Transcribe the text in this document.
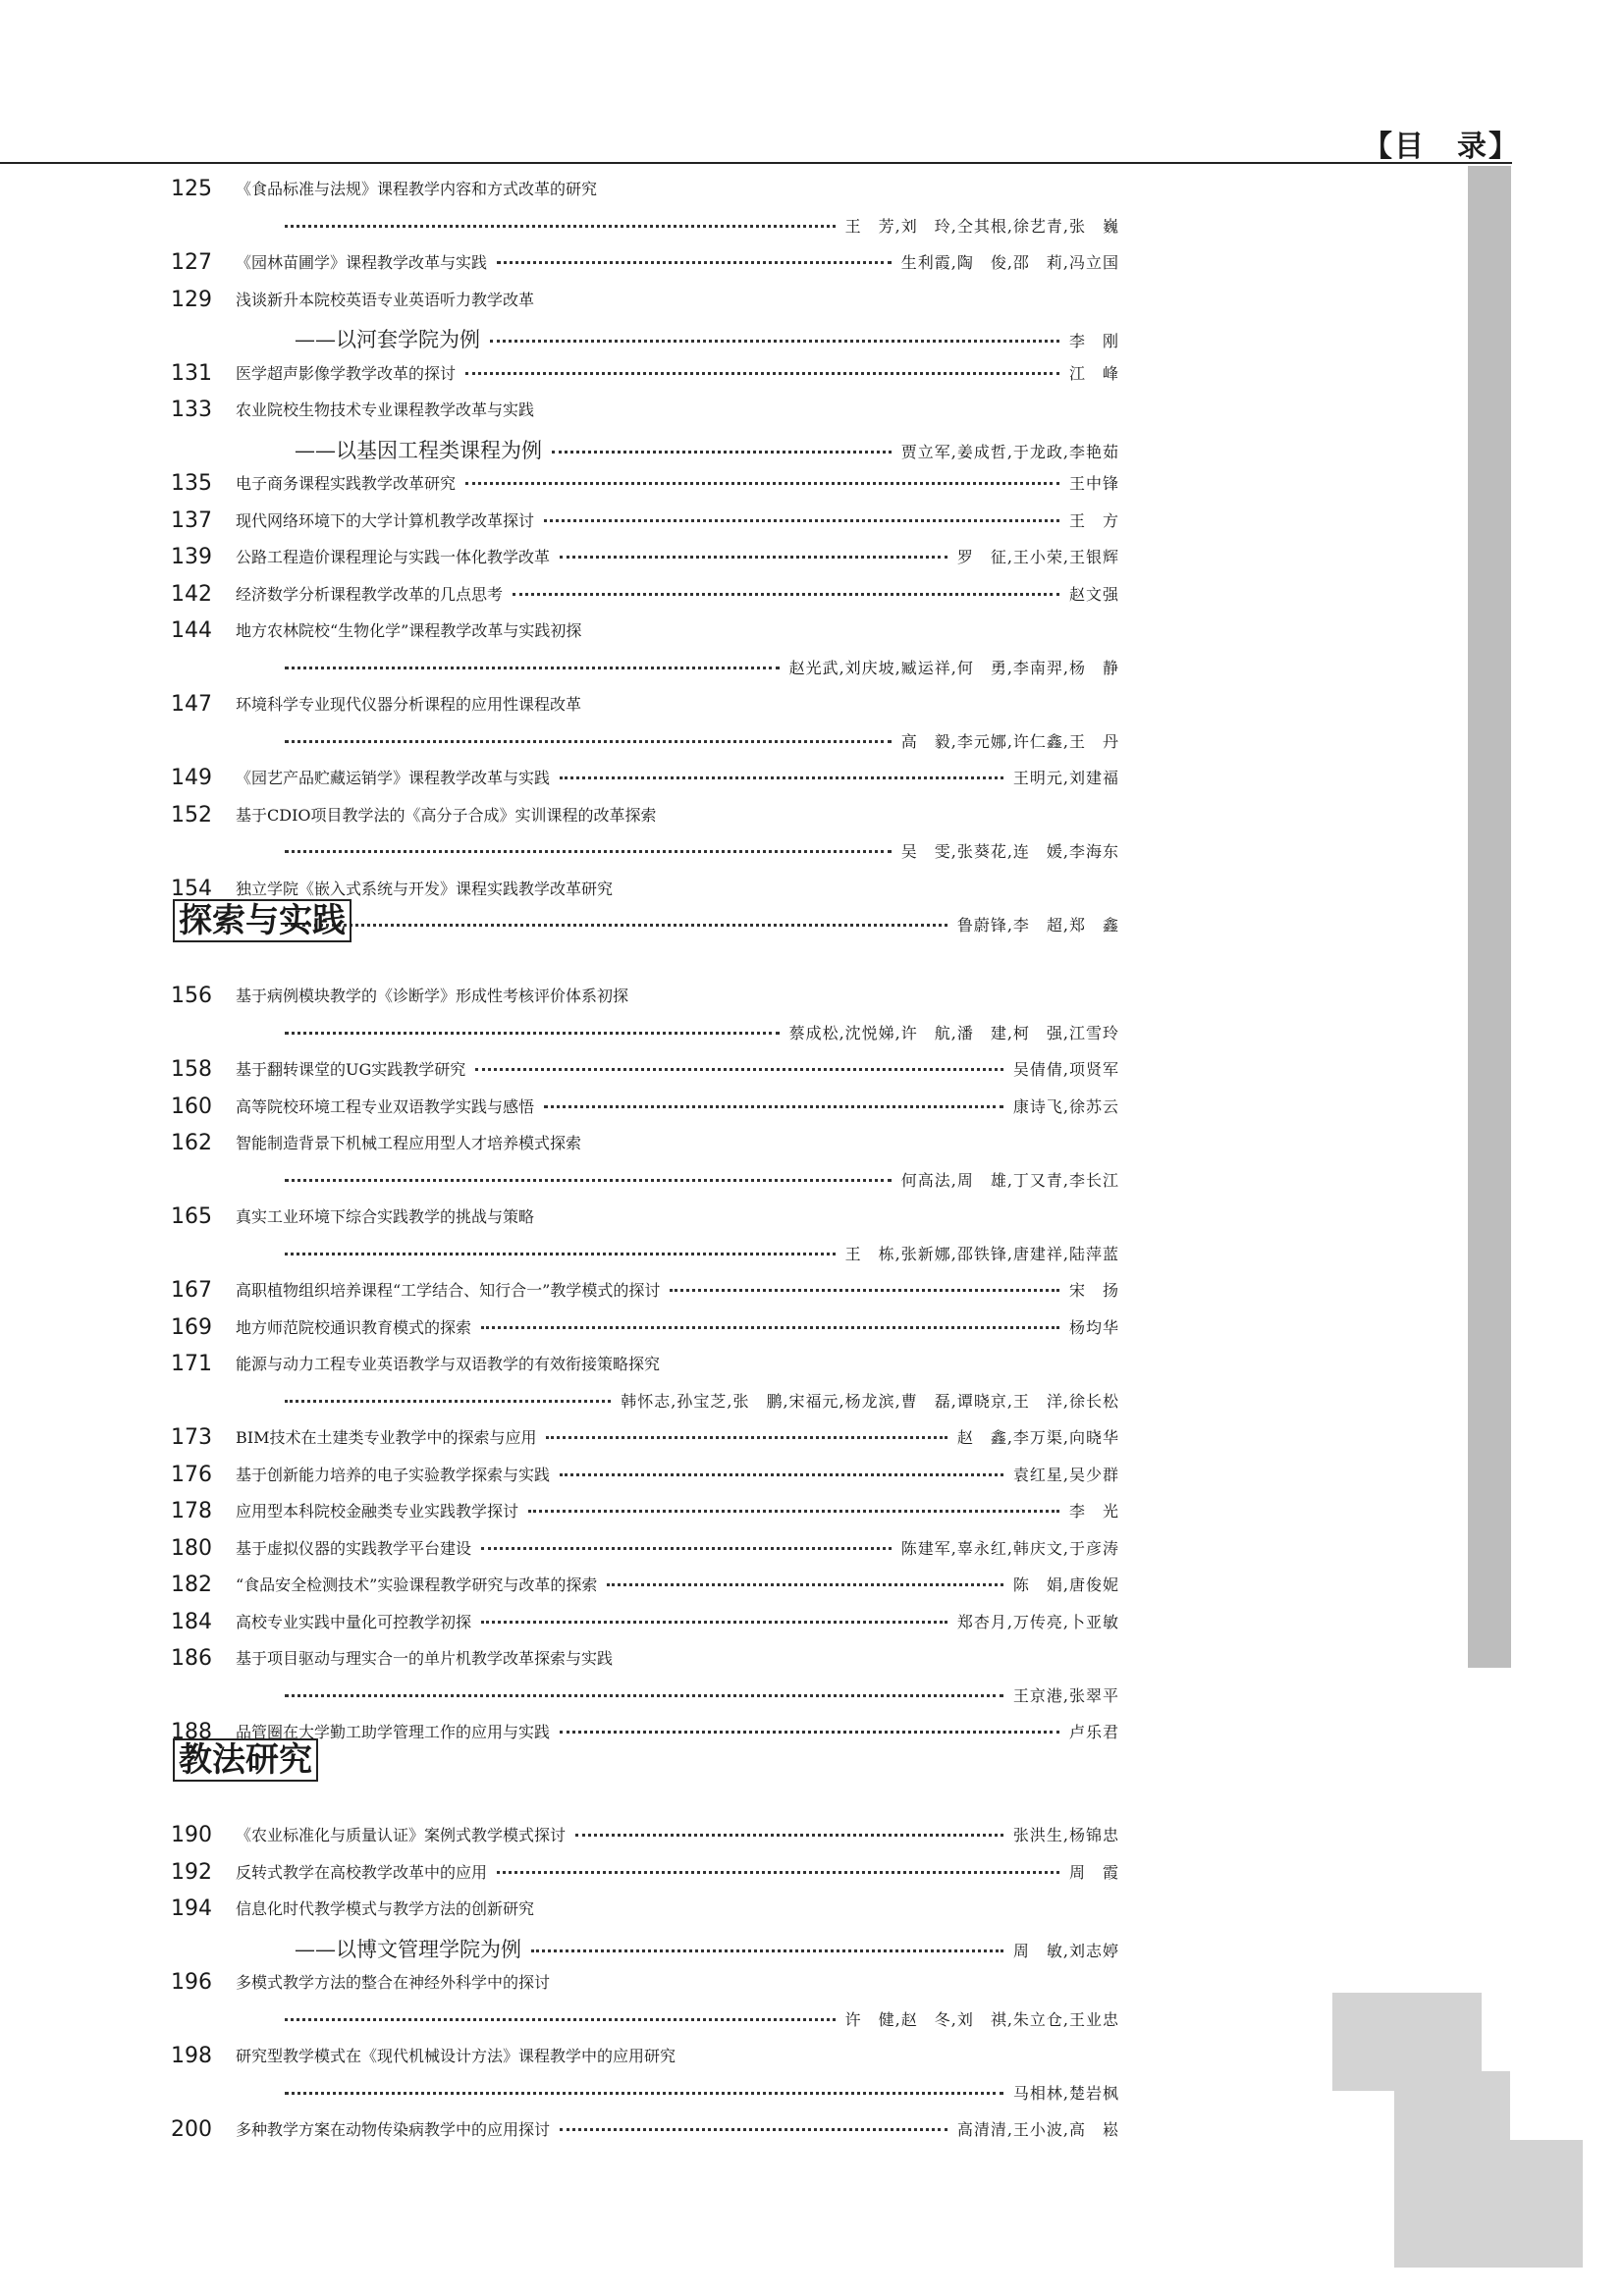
【目　录】
125	《食品标准与法规》课程教学内容和方式改革的研究
王　芳,刘　玲,仝其根,徐艺青,张　巍
127	《园林苗圃学》课程教学改革与实践	生利霞,陶　俊,邵　莉,冯立国
129	浅谈新升本院校英语专业英语听力教学改革
——以河套学院为例	李　刚
131	医学超声影像学教学改革的探讨	江　峰
133	农业院校生物技术专业课程教学改革与实践
——以基因工程类课程为例	贾立军,姜成哲,于龙政,李艳茹
135	电子商务课程实践教学改革研究	王中锋
137	现代网络环境下的大学计算机教学改革探讨	王　方
139	公路工程造价课程理论与实践一体化教学改革	罗　征,王小荣,王银辉
142	经济数学分析课程教学改革的几点思考	赵文强
144	地方农林院校“生物化学”课程教学改革与实践初探
赵光武,刘庆坡,臧运祥,何　勇,李南羿,杨　静
147	环境科学专业现代仪器分析课程的应用性课程改革
高　毅,李元娜,许仁鑫,王　丹
149	《园艺产品贮藏运销学》课程教学改革与实践	王明元,刘建福
152	基于CDIO项目教学法的《高分子合成》实训课程的改革探索
吴　雯,张葵花,连　媛,李海东
154	独立学院《嵌入式系统与开发》课程实践教学改革研究
鲁蔚锋,李　超,郑　鑫
探索与实践
156	基于病例模块教学的《诊断学》形成性考核评价体系初探
蔡成松,沈悦娣,许　航,潘　建,柯　强,江雪玲
158	基于翻转课堂的UG实践教学研究	吴倩倩,项贤军
160	高等院校环境工程专业双语教学实践与感悟	康诗飞,徐苏云
162	智能制造背景下机械工程应用型人才培养模式探索
何高法,周　雄,丁又青,李长江
165	真实工业环境下综合实践教学的挑战与策略
王　栋,张新娜,邵铁锋,唐建祥,陆萍蓝
167	高职植物组织培养课程“工学结合、知行合一”教学模式的探讨	宋　扬
169	地方师范院校通识教育模式的探索	杨均华
171	能源与动力工程专业英语教学与双语教学的有效衔接策略探究
韩怀志,孙宝芝,张　鹏,宋福元,杨龙滨,曹　磊,谭晓京,王　洋,徐长松
173	BIM技术在土建类专业教学中的探索与应用	赵　鑫,李万渠,向晓华
176	基于创新能力培养的电子实验教学探索与实践	袁红星,吴少群
178	应用型本科院校金融类专业实践教学探讨	李　光
180	基于虚拟仪器的实践教学平台建设	陈建军,辜永红,韩庆文,于彦涛
182	“食品安全检测技术”实验课程教学研究与改革的探索	陈　娟,唐俊妮
184	高校专业实践中量化可控教学初探	郑杏月,万传亮,卜亚敏
186	基于项目驱动与理实合一的单片机教学改革探索与实践
王京港,张翠平
188	品管圈在大学勤工助学管理工作的应用与实践	卢乐君
教法研究
190	《农业标准化与质量认证》案例式教学模式探讨	张洪生,杨锦忠
192	反转式教学在高校教学改革中的应用	周　霞
194	信息化时代教学模式与教学方法的创新研究
——以博文管理学院为例	周　敏,刘志婷
196	多模式教学方法的整合在神经外科学中的探讨
许　健,赵　冬,刘　祺,朱立仓,王业忠
198	研究型教学模式在《现代机械设计方法》课程教学中的应用研究
马相林,楚岩枫
200	多种教学方案在动物传染病教学中的应用探讨	高清清,王小波,高　崧
